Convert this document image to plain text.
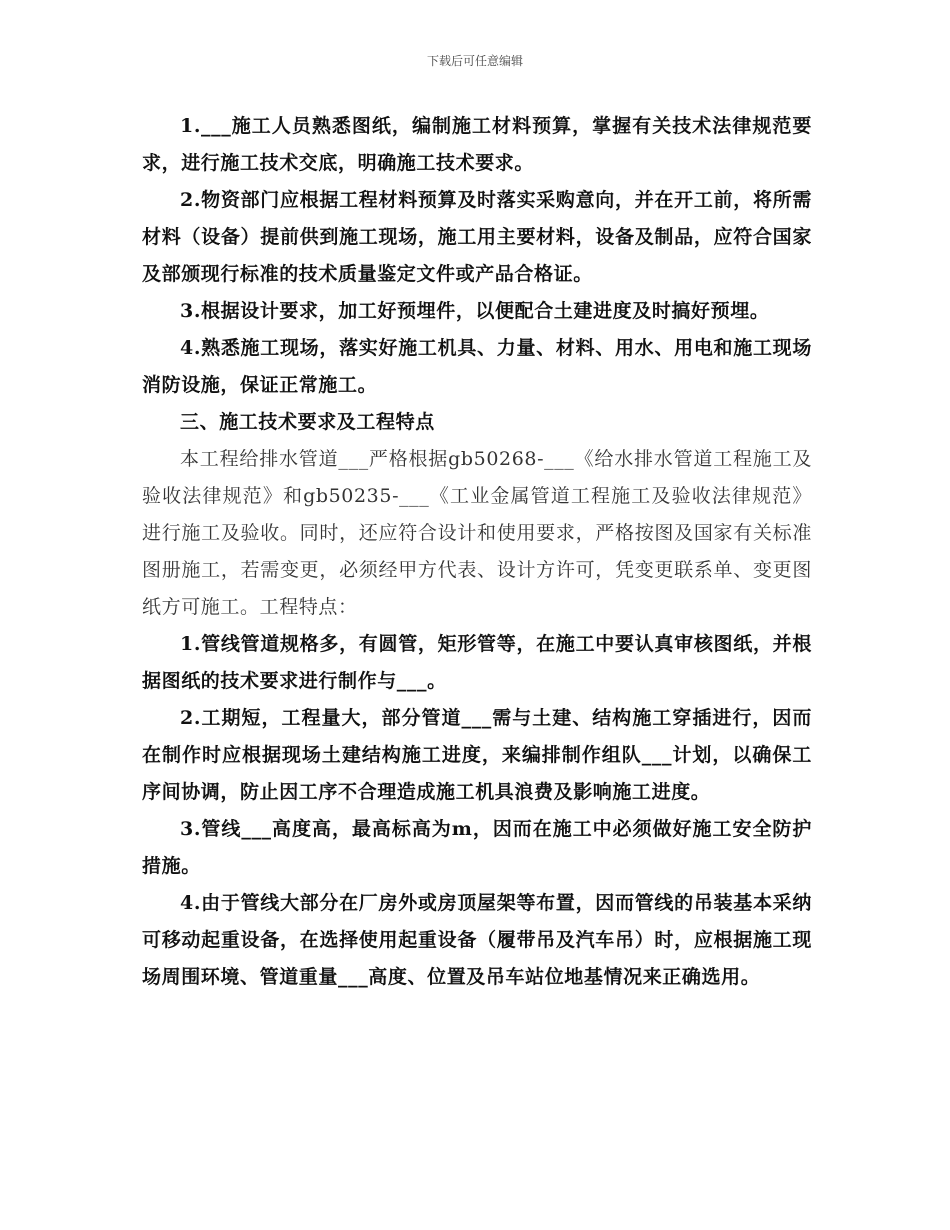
下载后可任意编辑

1.___施工人员熟悉图纸，编制施工材料预算，掌握有关技术法律规范要求，进行施工技术交底，明确施工技术要求。

2.物资部门应根据工程材料预算及时落实采购意向，并在开工前，将所需材料（设备）提前供到施工现场，施工用主要材料，设备及制品，应符合国家及部颁现行标准的技术质量鉴定文件或产品合格证。

3.根据设计要求，加工好预埋件，以便配合土建进度及时搞好预埋。

4.熟悉施工现场，落实好施工机具、力量、材料、用水、用电和施工现场消防设施，保证正常施工。

三、施工技术要求及工程特点

本工程给排水管道___严格根据gb50268-___《给水排水管道工程施工及验收法律规范》和gb50235-___《工业金属管道工程施工及验收法律规范》进行施工及验收。同时，还应符合设计和使用要求，严格按图及国家有关标准图册施工，若需变更，必须经甲方代表、设计方许可，凭变更联系单、变更图纸方可施工。工程特点：

1.管线管道规格多，有圆管，矩形管等，在施工中要认真审核图纸，并根据图纸的技术要求进行制作与___。

2.工期短，工程量大，部分管道___需与土建、结构施工穿插进行，因而在制作时应根据现场土建结构施工进度，来编排制作组队___计划，以确保工序间协调，防止因工序不合理造成施工机具浪费及影响施工进度。

3.管线___高度高，最高标高为m，因而在施工中必须做好施工安全防护措施。

4.由于管线大部分在厂房外或房顶屋架等布置，因而管线的吊装基本采纳可移动起重设备，在选择使用起重设备（履带吊及汽车吊）时，应根据施工现场周围环境、管道重量___高度、位置及吊车站位地基情况来正确选用。
